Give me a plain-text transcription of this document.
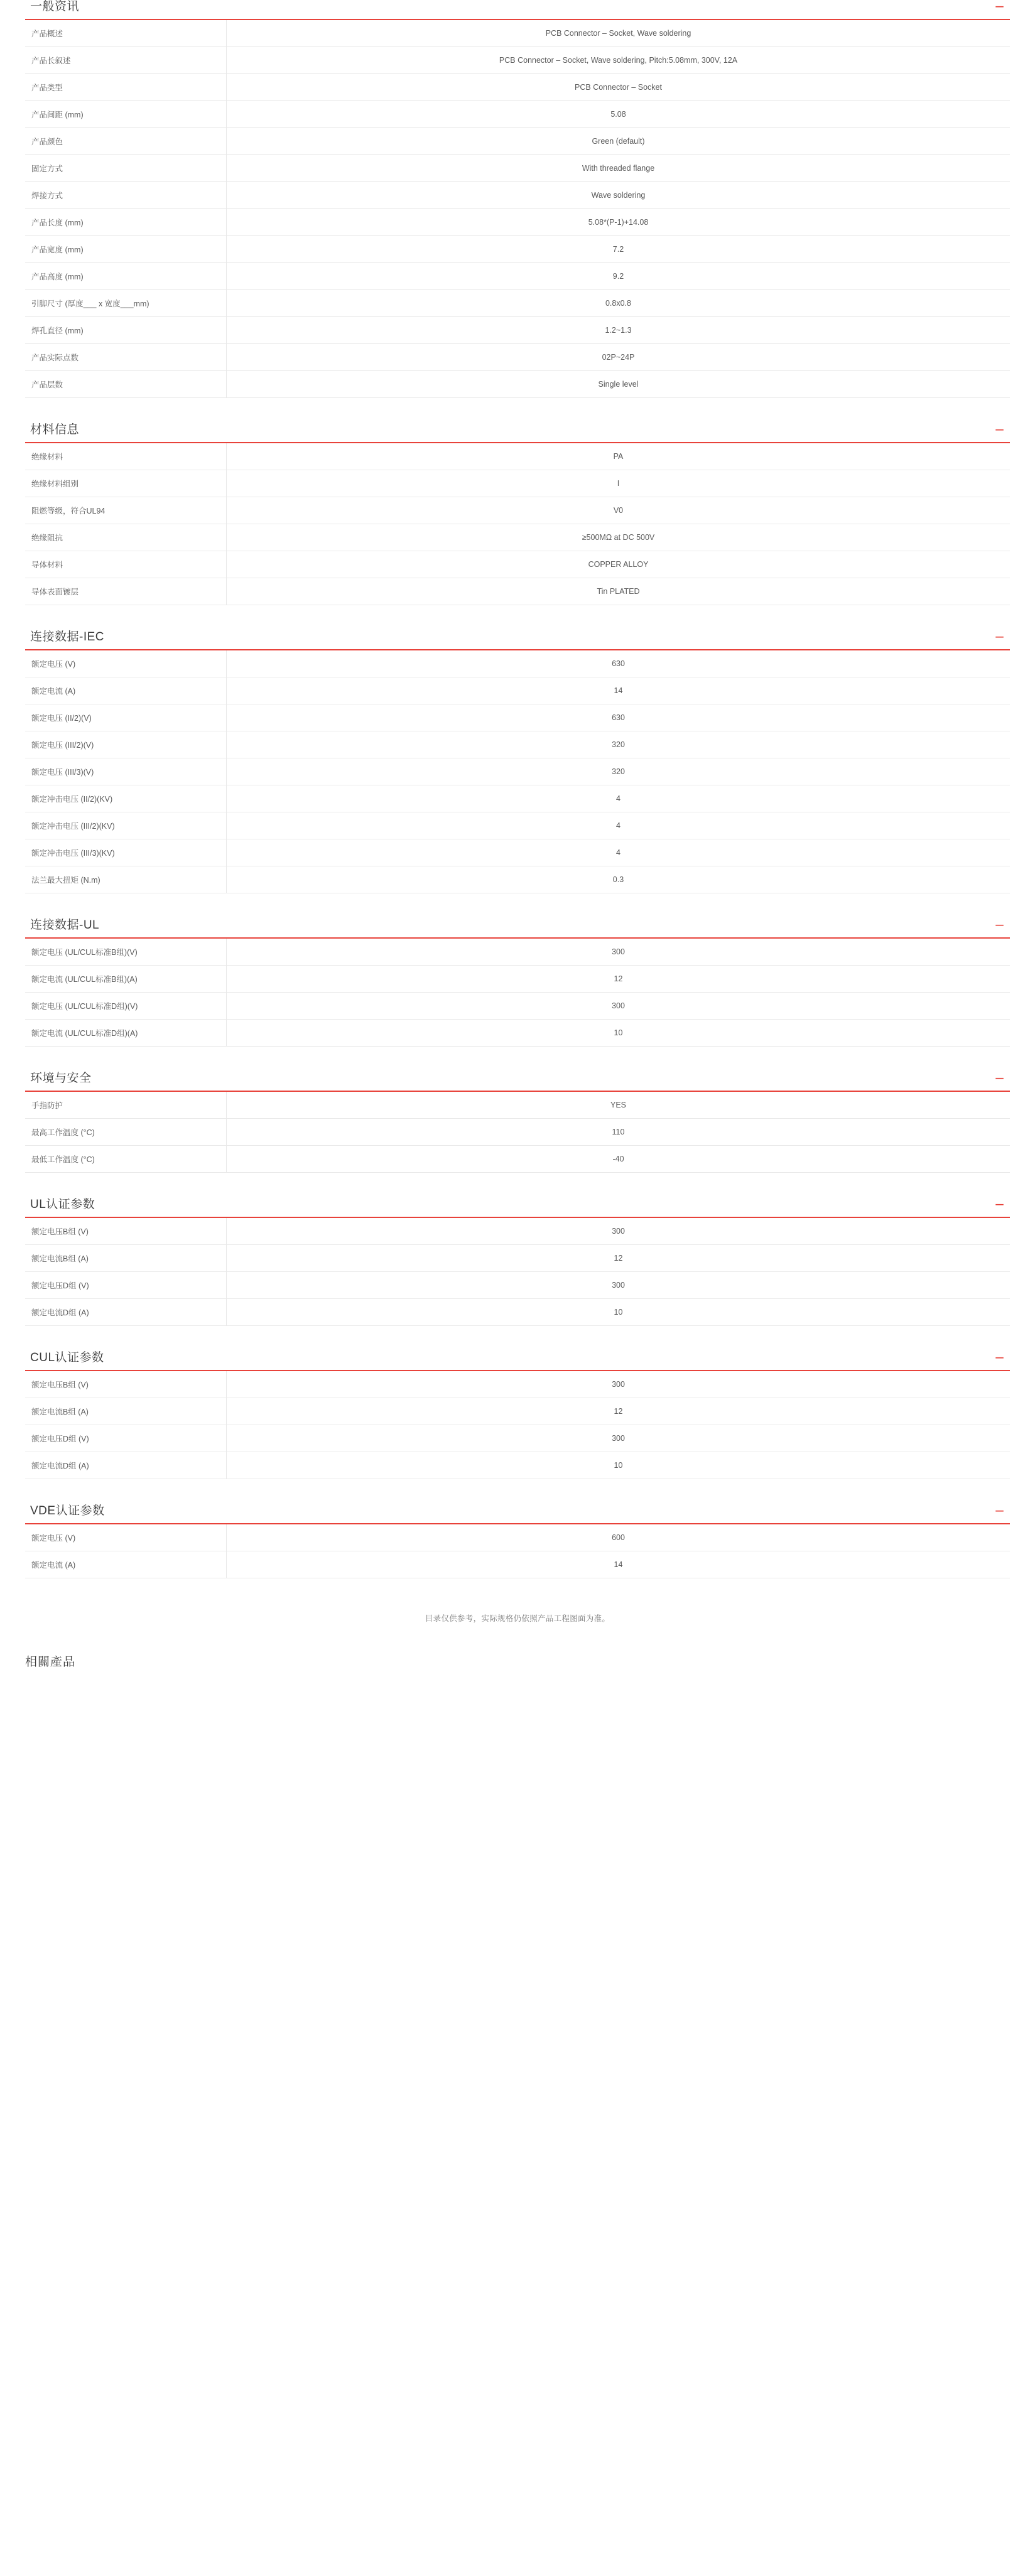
一般资讯	−
产品概述	PCB Connector – Socket, Wave soldering
产品长叙述	PCB Connector – Socket, Wave soldering, Pitch:5.08mm, 300V, 12A
产品类型	PCB Connector – Socket
产品间距 (mm)	5.08
产品颜色	Green (default)
固定方式	With threaded flange
焊接方式	Wave soldering
产品长度 (mm)	5.08*(P-1)+14.08
产品宽度 (mm)	7.2
产品高度 (mm)	9.2
引脚尺寸 (厚度___ x 宽度___mm)	0.8x0.8
焊孔直径 (mm)	1.2~1.3
产品实际点数	02P~24P
产品层数	Single level
材料信息	−
绝缘材料	PA
绝缘材料组别	I
阻燃等级，符合UL94	V0
绝缘阻抗	≥500MΩ at DC 500V
导体材料	COPPER ALLOY
导体表面镀层	Tin PLATED
连接数据-IEC	−
额定电压 (V)	630
额定电流 (A)	14
额定电压 (II/2)(V)	630
额定电压 (III/2)(V)	320
额定电压 (III/3)(V)	320
额定冲击电压 (II/2)(KV)	4
额定冲击电压 (III/2)(KV)	4
额定冲击电压 (III/3)(KV)	4
法兰最大扭矩 (N.m)	0.3
连接数据-UL	−
额定电压 (UL/CUL标准B组)(V)	300
额定电流 (UL/CUL标准B组)(A)	12
额定电压 (UL/CUL标准D组)(V)	300
额定电流 (UL/CUL标准D组)(A)	10
环境与安全	−
手指防护	YES
最高工作温度 (°C)	110
最低工作温度 (°C)	-40
UL认证参数	−
额定电压B组 (V)	300
额定电流B组 (A)	12
额定电压D组 (V)	300
额定电流D组 (A)	10
CUL认证参数	−
额定电压B组 (V)	300
额定电流B组 (A)	12
额定电压D组 (V)	300
额定电流D组 (A)	10
VDE认证参数	−
额定电压 (V)	600
额定电流 (A)	14
目录仅供参考，实际规格仍依照产品工程图面为准。
相關產品
